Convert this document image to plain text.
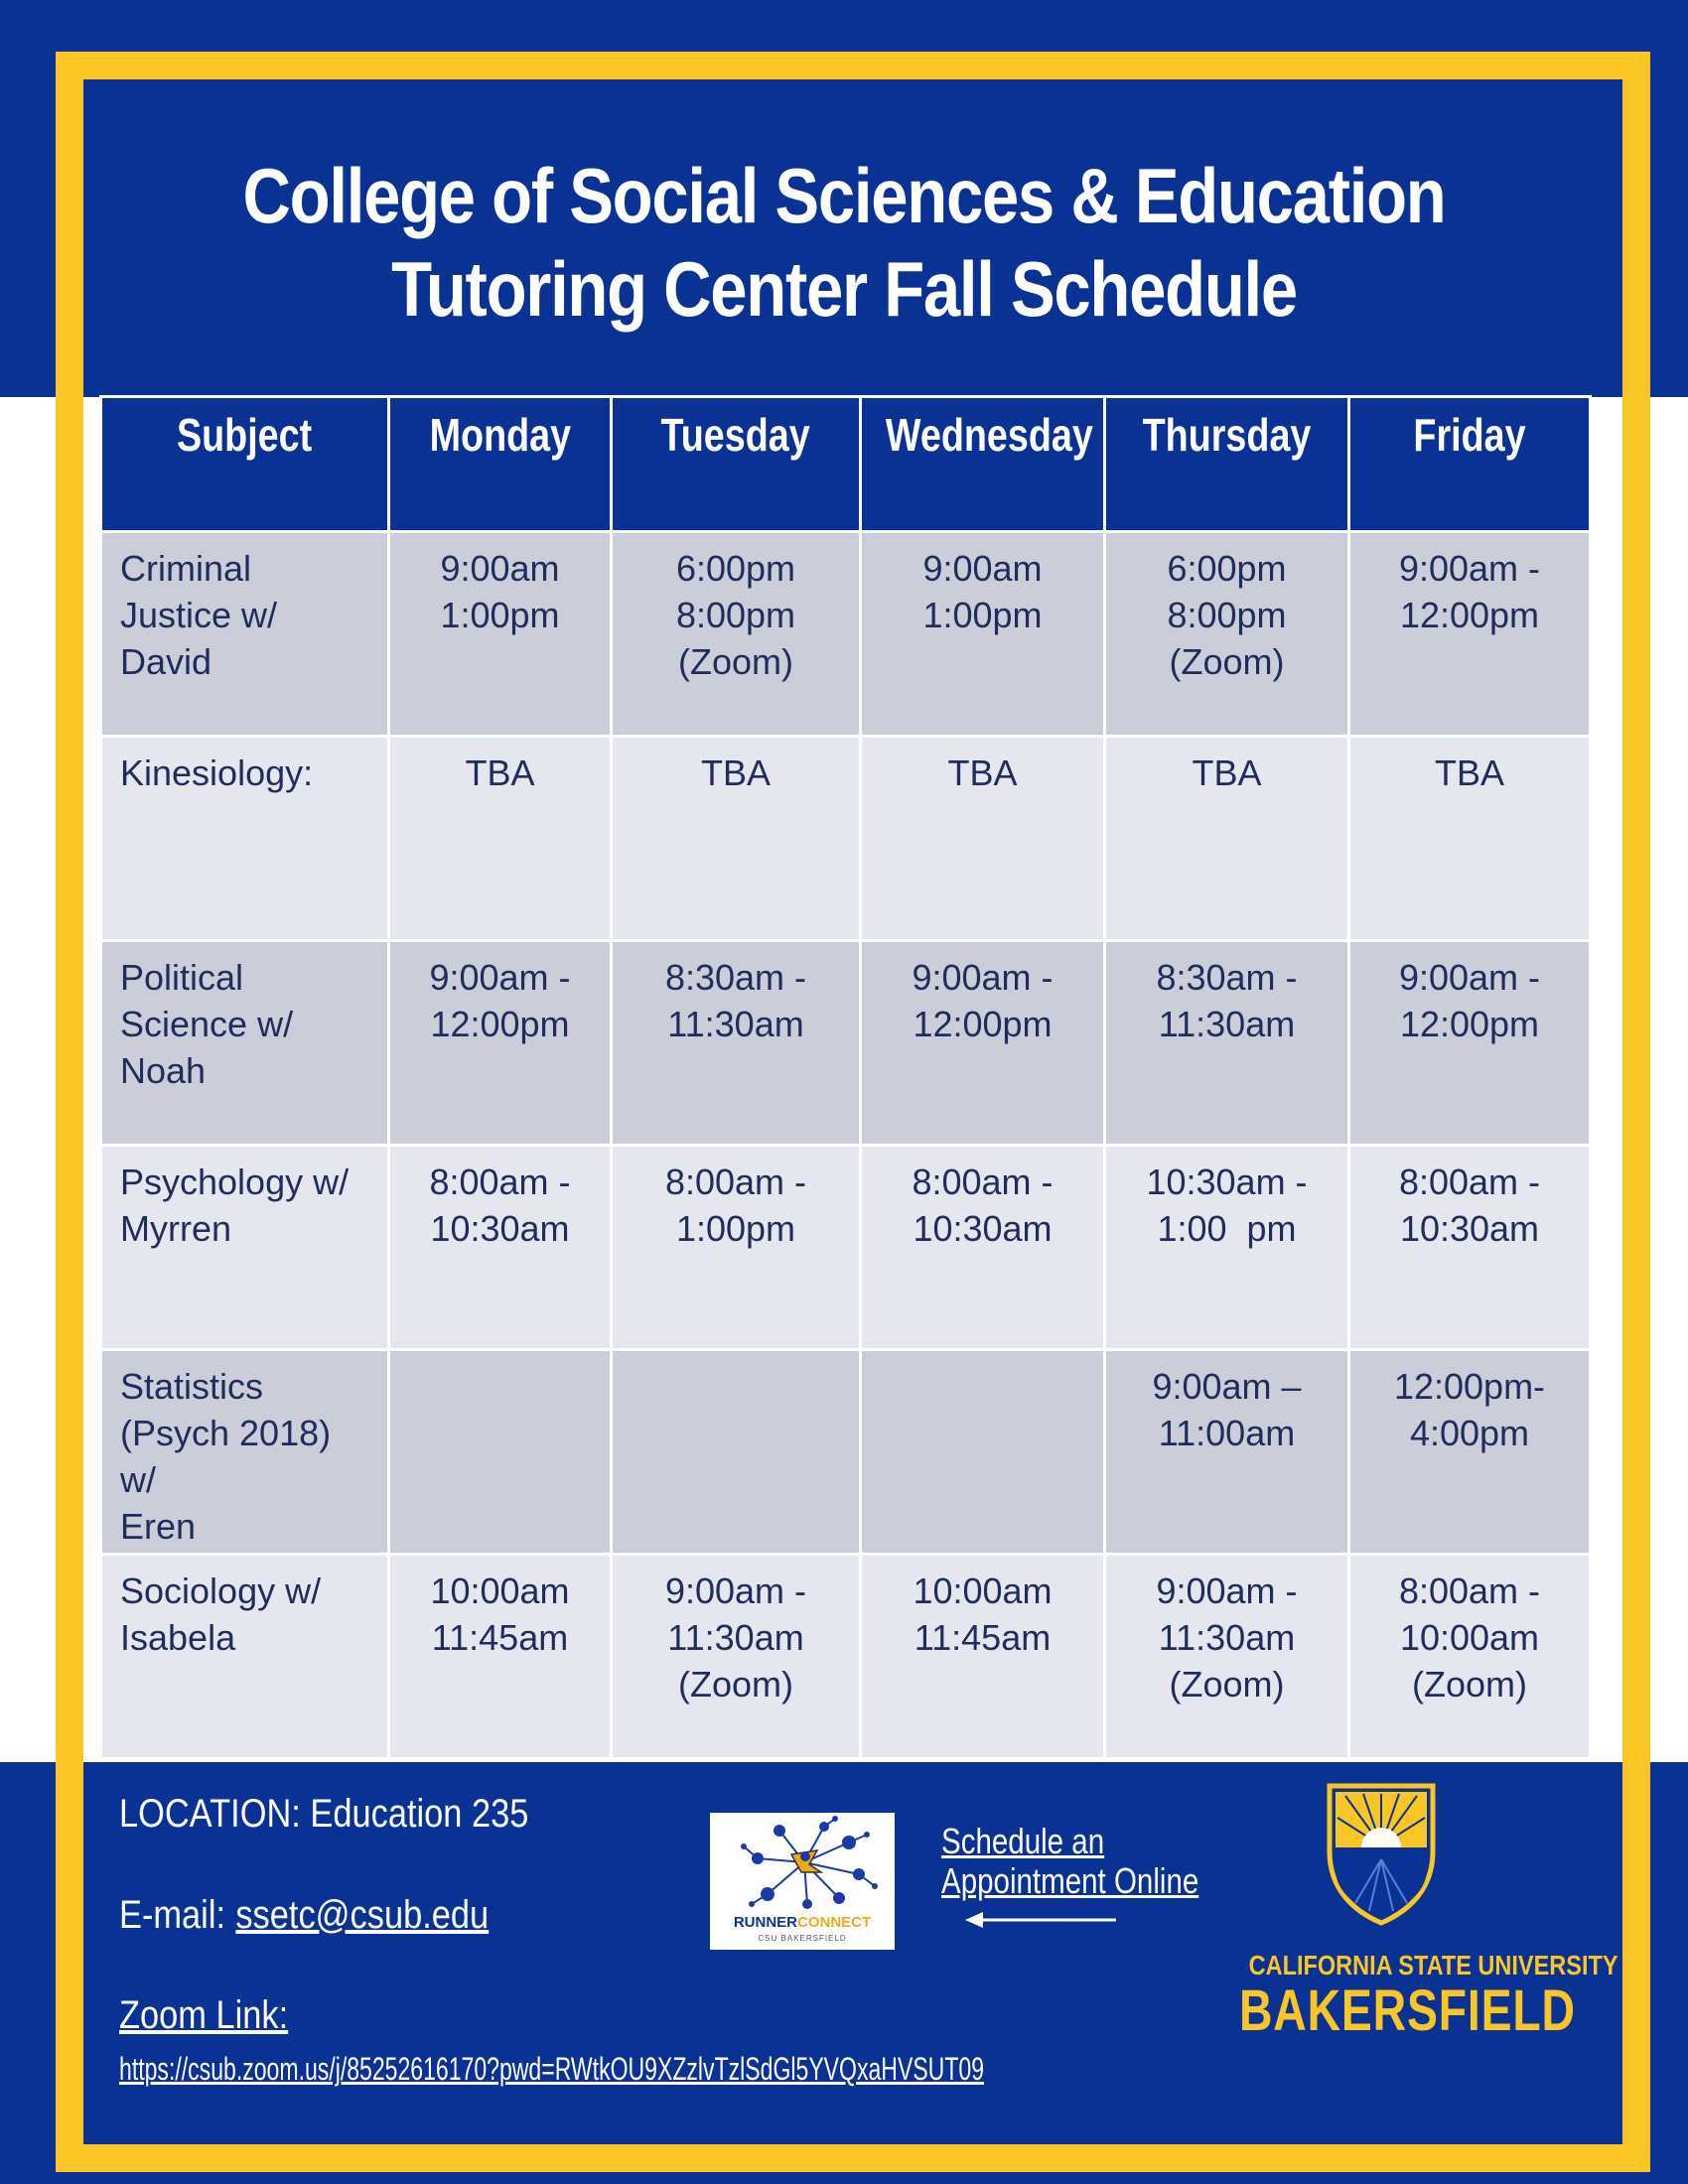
College of Social Sciences & Education
Tutoring Center Fall Schedule
Subject	Monday	Tuesday	Wednesday	Thursday	Friday

Criminal
Justice w/
David	9:00am
1:00pm	6:00pm
8:00pm
(Zoom)	9:00am
1:00pm	6:00pm
8:00pm
(Zoom)	9:00am -
12:00pm

Kinesiology:	TBA	TBA	TBA	TBA	TBA

Political
Science w/
Noah	9:00am -
12:00pm	8:30am -
11:30am	9:00am -
12:00pm	8:30am -
11:30am	9:00am -
12:00pm

Psychology w/
Myrren	8:00am -
10:30am	8:00am -
1:00pm	8:00am -
10:30am	10:30am -
1:00  pm	8:00am -
10:30am

Statistics
(Psych 2018)
w/
Eren				9:00am –
11:00am	12:00pm-
4:00pm

Sociology w/
Isabela	10:00am
11:45am	9:00am -
11:30am
(Zoom)	10:00am
11:45am	9:00am -
11:30am
(Zoom)	8:00am -
10:00am
(Zoom)
LOCATION: Education 235
E-mail: ssetc@csub.edu
Zoom Link:
https://csub.zoom.us/j/85252616170?pwd=RWtkOU9XZzlvTzlSdGl5YVQxaHVSUT09
RUNNERCONNECT
CSU BAKERSFIELD
Schedule an
Appointment Online
CALIFORNIA STATE UNIVERSITY
BAKERSFIELD
